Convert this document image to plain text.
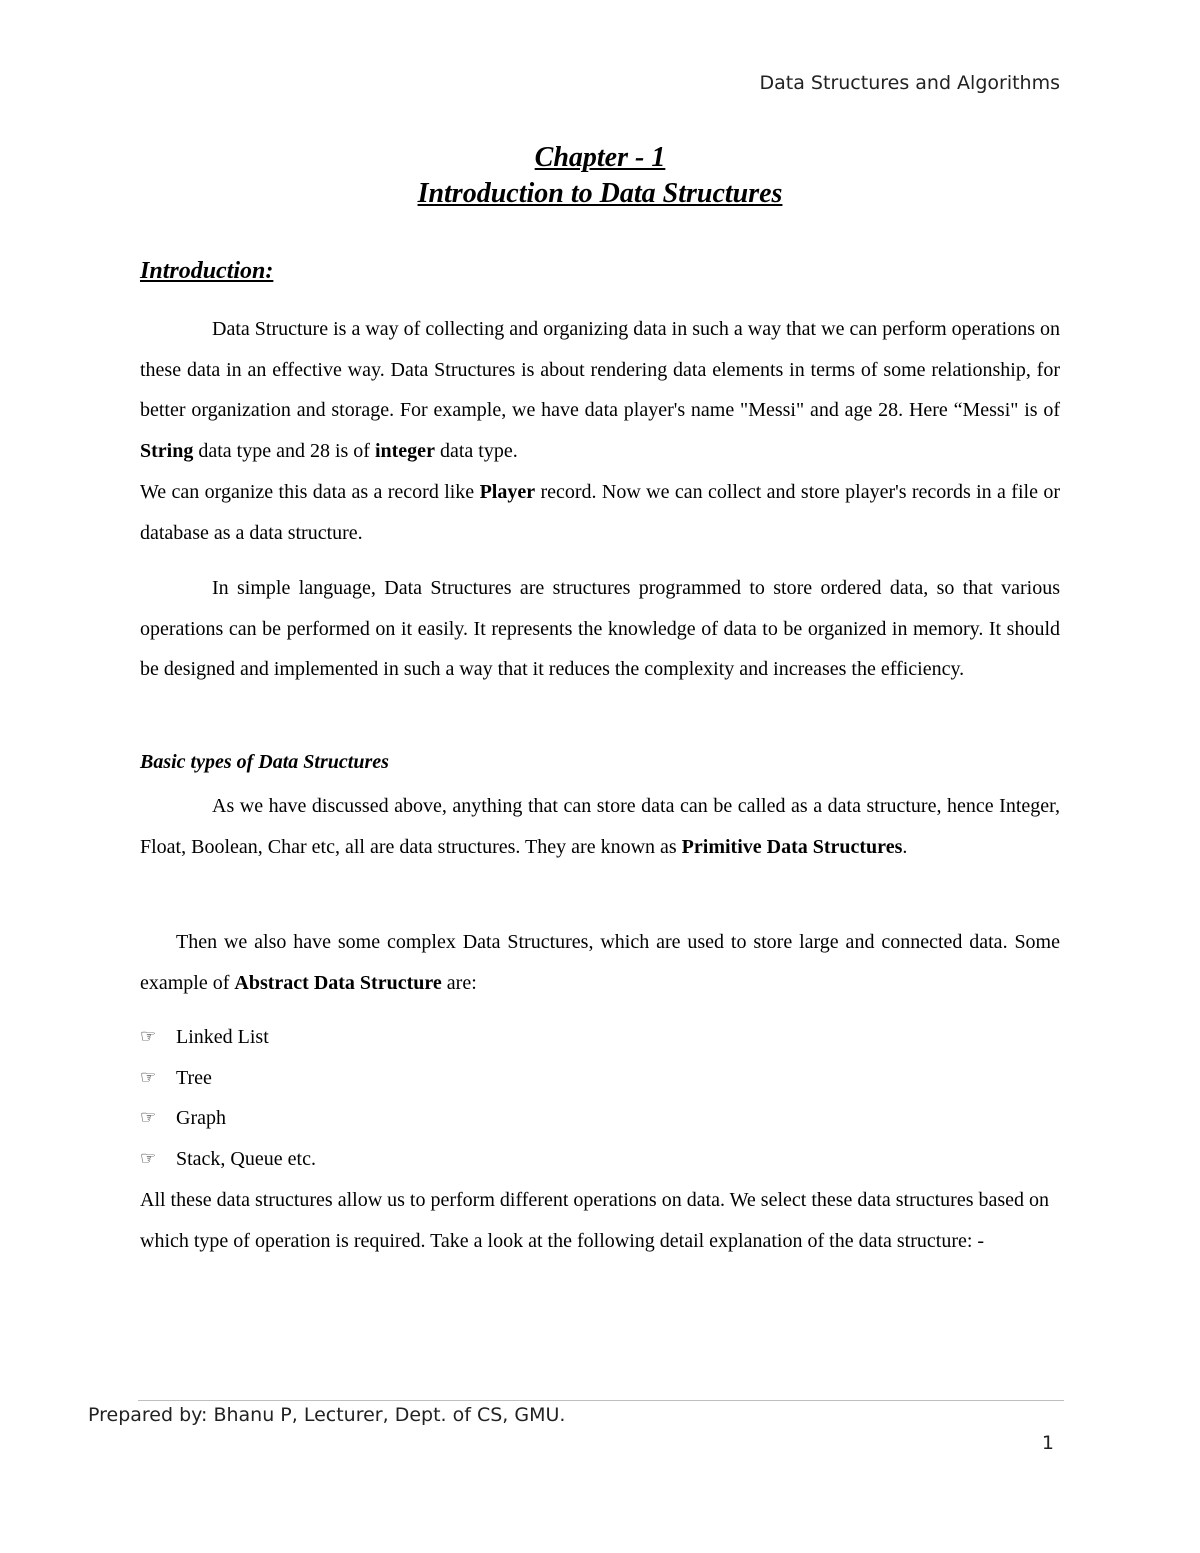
Data Structures and Algorithms
Chapter - 1
Introduction to Data Structures
Introduction:

Data Structure is a way of collecting and organizing data in such a way that we can perform operations on these data in an effective way. Data Structures is about rendering data elements in terms of some relationship, for better organization and storage. For example, we have data player's name "Messi" and age 28. Here “Messi" is of String data type and 28 is of integer data type.
We can organize this data as a record like Player record. Now we can collect and store player's records in a file or database as a data structure.

In simple language, Data Structures are structures programmed to store ordered data, so that various operations can be performed on it easily. It represents the knowledge of data to be organized in memory. It should be designed and implemented in such a way that it reduces the complexity and increases the efficiency.

Basic types of Data Structures

As we have discussed above, anything that can store data can be called as a data structure, hence Integer, Float, Boolean, Char etc, all are data structures. They are known as Primitive Data Structures.

Then we also have some complex Data Structures, which are used to store large and connected data. Some example of Abstract Data Structure are:

☞ Linked List
☞ Tree
☞ Graph
☞ Stack, Queue etc.

All these data structures allow us to perform different operations on data. We select these data structures based on which type of operation is required. Take a look at the following detail explanation of the data structure: -

Prepared by: Bhanu P, Lecturer, Dept. of CS, GMU.
1
